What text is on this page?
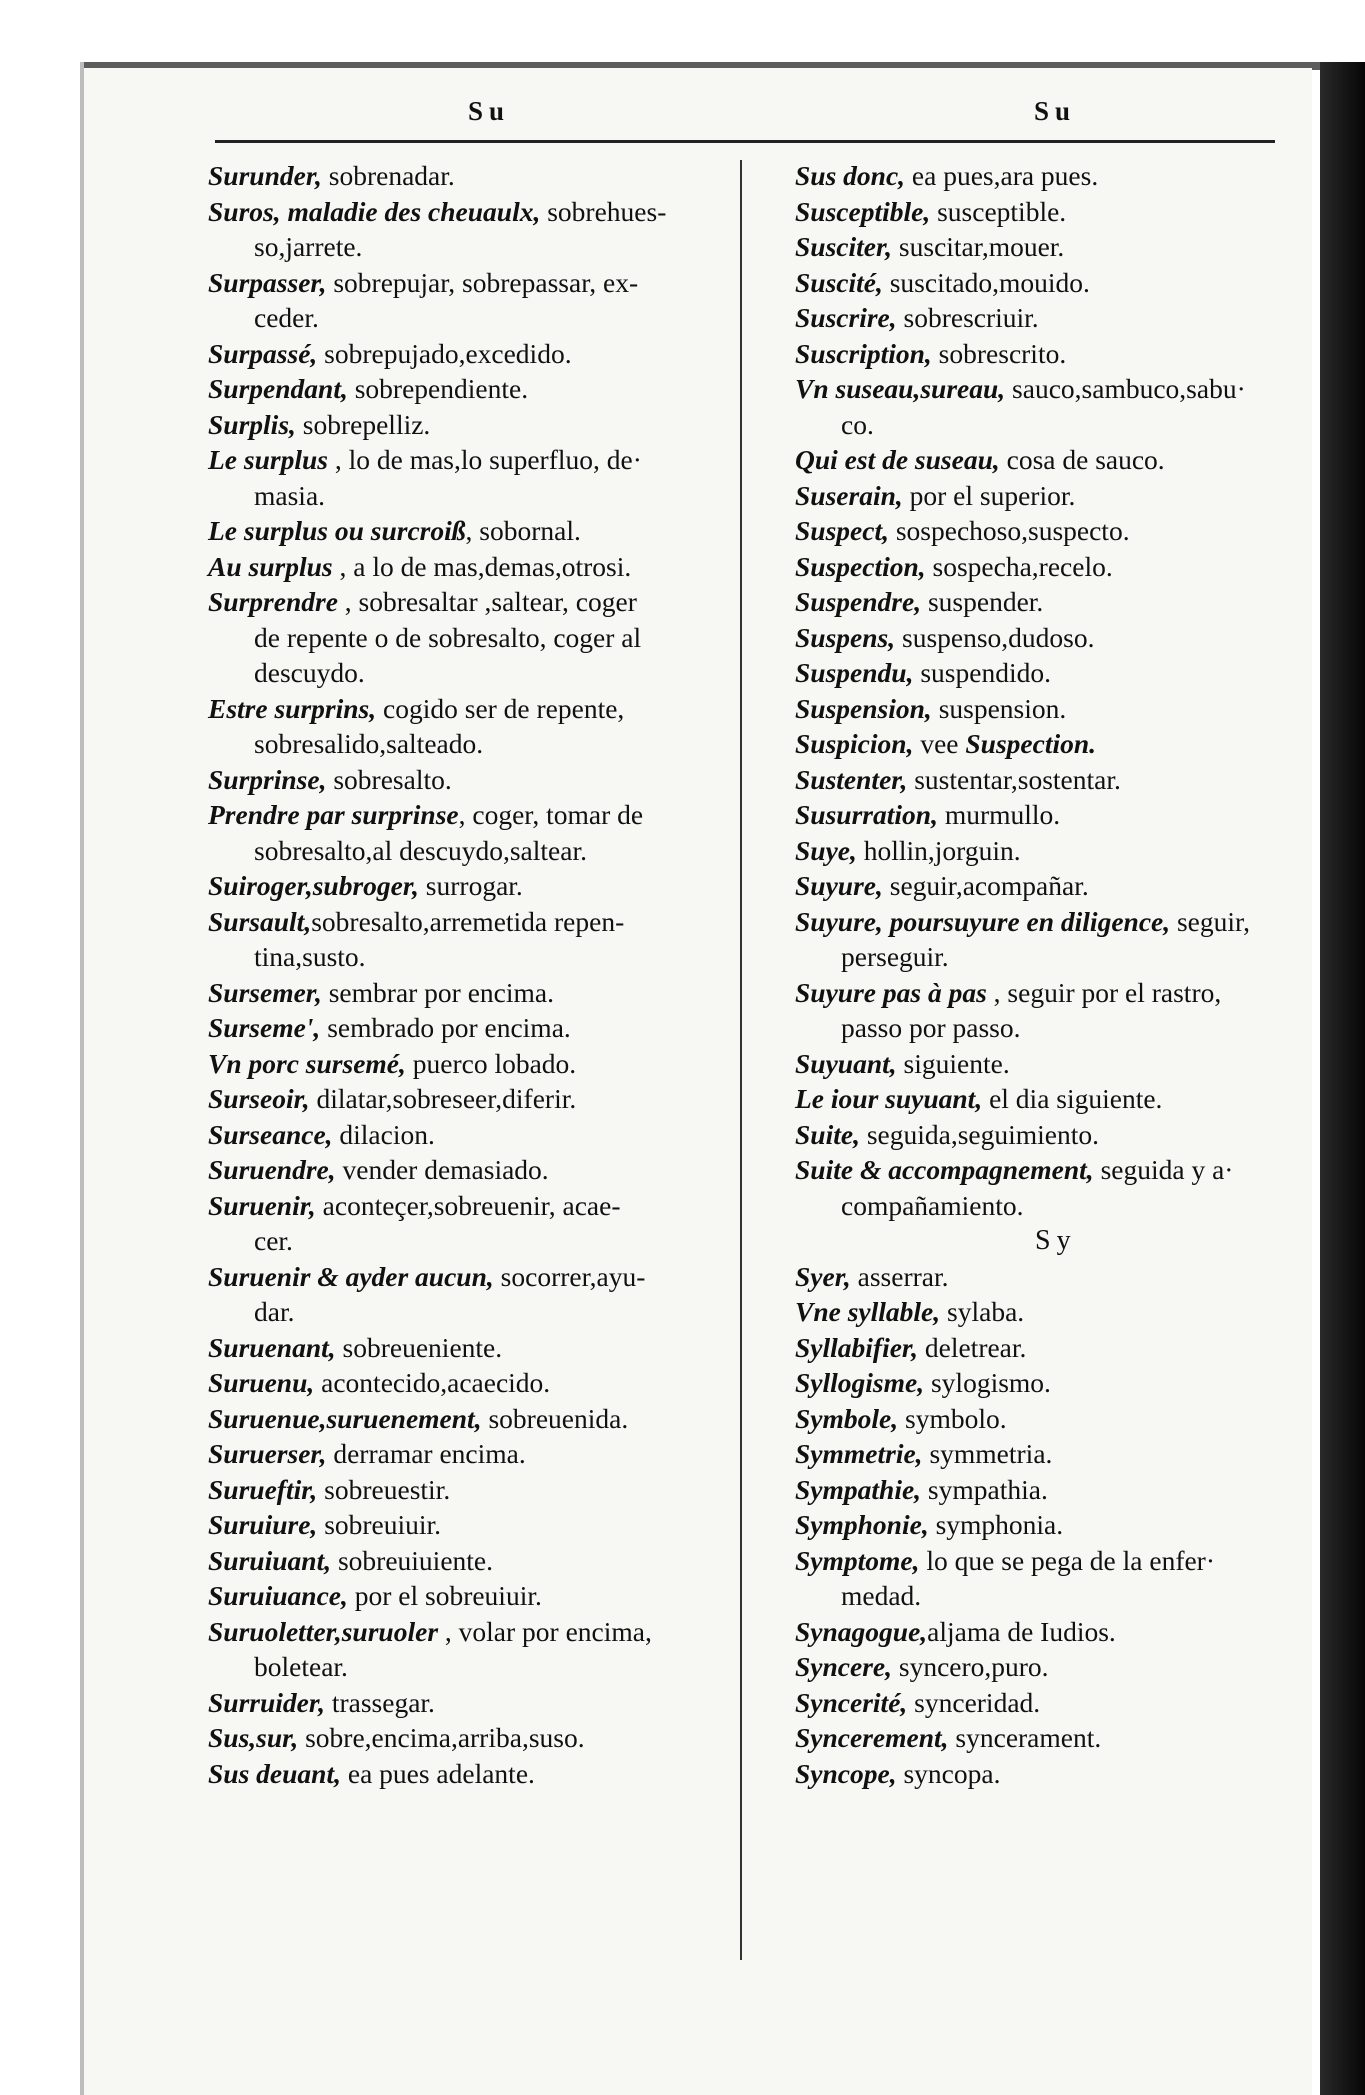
Su	Su
Surunder, sobrenadar.
Suros, maladie des cheuaulx, sobrehues-
so,jarrete.
Surpasser, sobrepujar, sobrepassar, ex-
ceder.
Surpassé, sobrepujado,excedido.
Surpendant, sobrependiente.
Surplis, sobrepelliz.
Le surplus , lo de mas,lo superfluo, de·
masia.
Le surplus ou surcroiß, sobornal.
Au surplus , a lo de mas,demas,otrosi.
Surprendre , sobresaltar ,saltear, coger
de repente o de sobresalto, coger al
descuydo.
Estre surprins, cogido ser de repente,
sobresalido,salteado.
Surprinse, sobresalto.
Prendre par surprinse, coger, tomar de
sobresalto,al descuydo,saltear.
Suiroger,subroger, surrogar.
Sursault,sobresalto,arremetida repen-
tina,susto.
Sursemer, sembrar por encima.
Surseme', sembrado por encima.
Vn porc sursemé, puerco lobado.
Surseoir, dilatar,sobreseer,diferir.
Surseance, dilacion.
Suruendre, vender demasiado.
Suruenir, aconteçer,sobreuenir, acae-
cer.
Suruenir & ayder aucun, socorrer,ayu-
dar.
Suruenant, sobreueniente.
Suruenu, acontecido,acaecido.
Suruenue,suruenement, sobreuenida.
Suruerser, derramar encima.
Surueftir, sobreuestir.
Suruiure, sobreuiuir.
Suruiuant, sobreuiuiente.
Suruiuance, por el sobreuiuir.
Suruoletter,suruoler , volar por encima,
boletear.
Surruider, trassegar.
Sus,sur, sobre,encima,arriba,suso.
Sus deuant, ea pues adelante.
Sus donc, ea pues,ara pues.
Susceptible, susceptible.
Susciter, suscitar,mouer.
Suscité, suscitado,mouido.
Suscrire, sobrescriuir.
Suscription, sobrescrito.
Vn suseau,sureau, sauco,sambuco,sabu·
co.
Qui est de suseau, cosa de sauco.
Suserain, por el superior.
Suspect, sospechoso,suspecto.
Suspection, sospecha,recelo.
Suspendre, suspender.
Suspens, suspenso,dudoso.
Suspendu, suspendido.
Suspension, suspension.
Suspicion, vee Suspection.
Sustenter, sustentar,sostentar.
Susurration, murmullo.
Suye, hollin,jorguin.
Suyure, seguir,acompañar.
Suyure, poursuyure en diligence, seguir,
perseguir.
Suyure pas à pas , seguir por el rastro,
passo por passo.
Suyuant, siguiente.
Le iour suyuant, el dia siguiente.
Suite, seguida,seguimiento.
Suite & accompagnement, seguida y a·
compañamiento.
Sy
Syer, asserrar.
Vne syllable, sylaba.
Syllabifier, deletrear.
Syllogisme, sylogismo.
Symbole, symbolo.
Symmetrie, symmetria.
Sympathie, sympathia.
Symphonie, symphonia.
Symptome, lo que se pega de la enfer·
medad.
Synagogue,aljama de Iudios.
Syncere, syncero,puro.
Syncerité, synceridad.
Syncerement, syncerament.
Syncope, syncopa.
